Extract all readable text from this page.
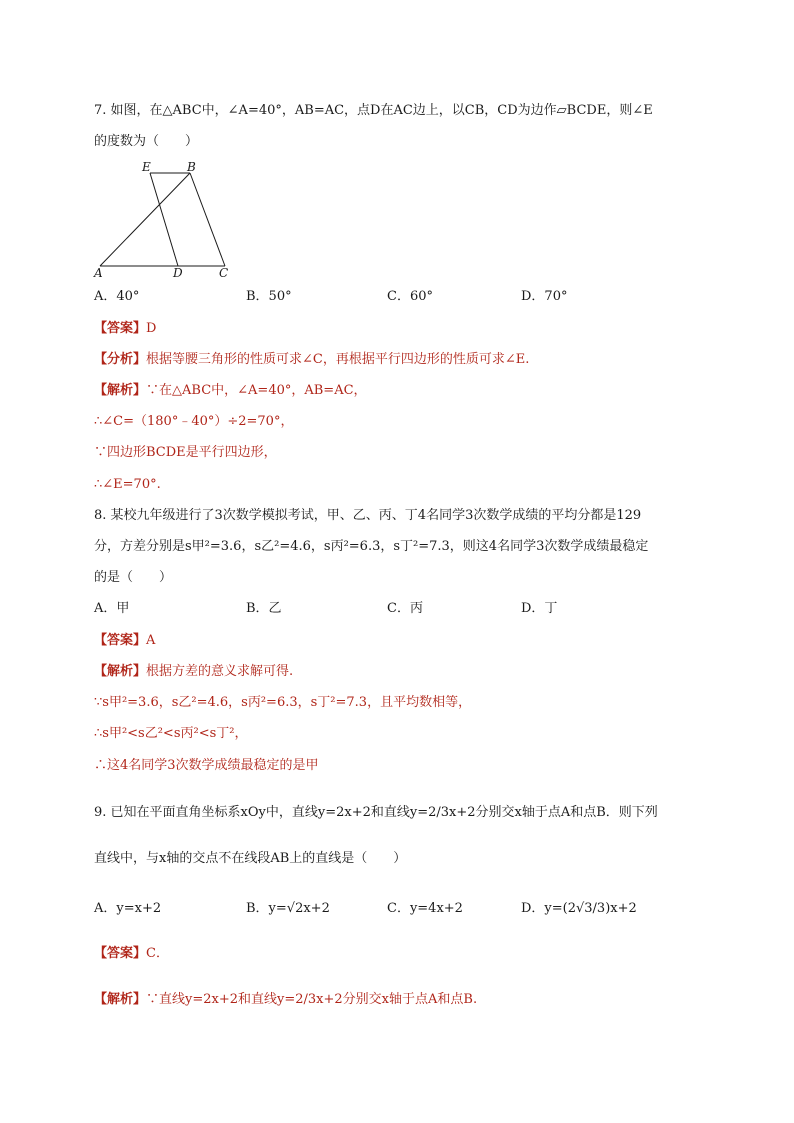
7. 如图，在△ABC中，∠A=40°，AB=AC，点D在AC边上，以CB，CD为边作▱BCDE，则∠E
的度数为（　　）
E	B
A	D	C
A．40°	B．50°	C．60°	D．70°
【答案】D
【分析】根据等腰三角形的性质可求∠C，再根据平行四边形的性质可求∠E.
【解析】∵在△ABC中，∠A=40°，AB=AC，
∴∠C=（180°﹣40°）÷2=70°，
∵四边形BCDE是平行四边形，
∴∠E=70°.
8. 某校九年级进行了3次数学模拟考试，甲、乙、丙、丁4名同学3次数学成绩的平均分都是129
分，方差分别是s甲²=3.6，s乙²=4.6，s丙²=6.3，s丁²=7.3，则这4名同学3次数学成绩最稳定
的是（　　）
A．甲	B．乙	C．丙	D．丁
【答案】A
【解析】根据方差的意义求解可得.
∵s甲²=3.6，s乙²=4.6，s丙²=6.3，s丁²=7.3，且平均数相等，
∴s甲²<s乙²<s丙²<s丁²，
∴这4名同学3次数学成绩最稳定的是甲
9. 已知在平面直角坐标系xOy中，直线y=2x+2和直线y=2/3x+2分别交x轴于点A和点B．则下列
直线中，与x轴的交点不在线段AB上的直线是（　　）
A．y=x+2	B．y=√2x+2	C．y=4x+2	D．y=(2√3/3)x+2
【答案】C．
【解析】∵直线y=2x+2和直线y=2/3x+2分别交x轴于点A和点B.
